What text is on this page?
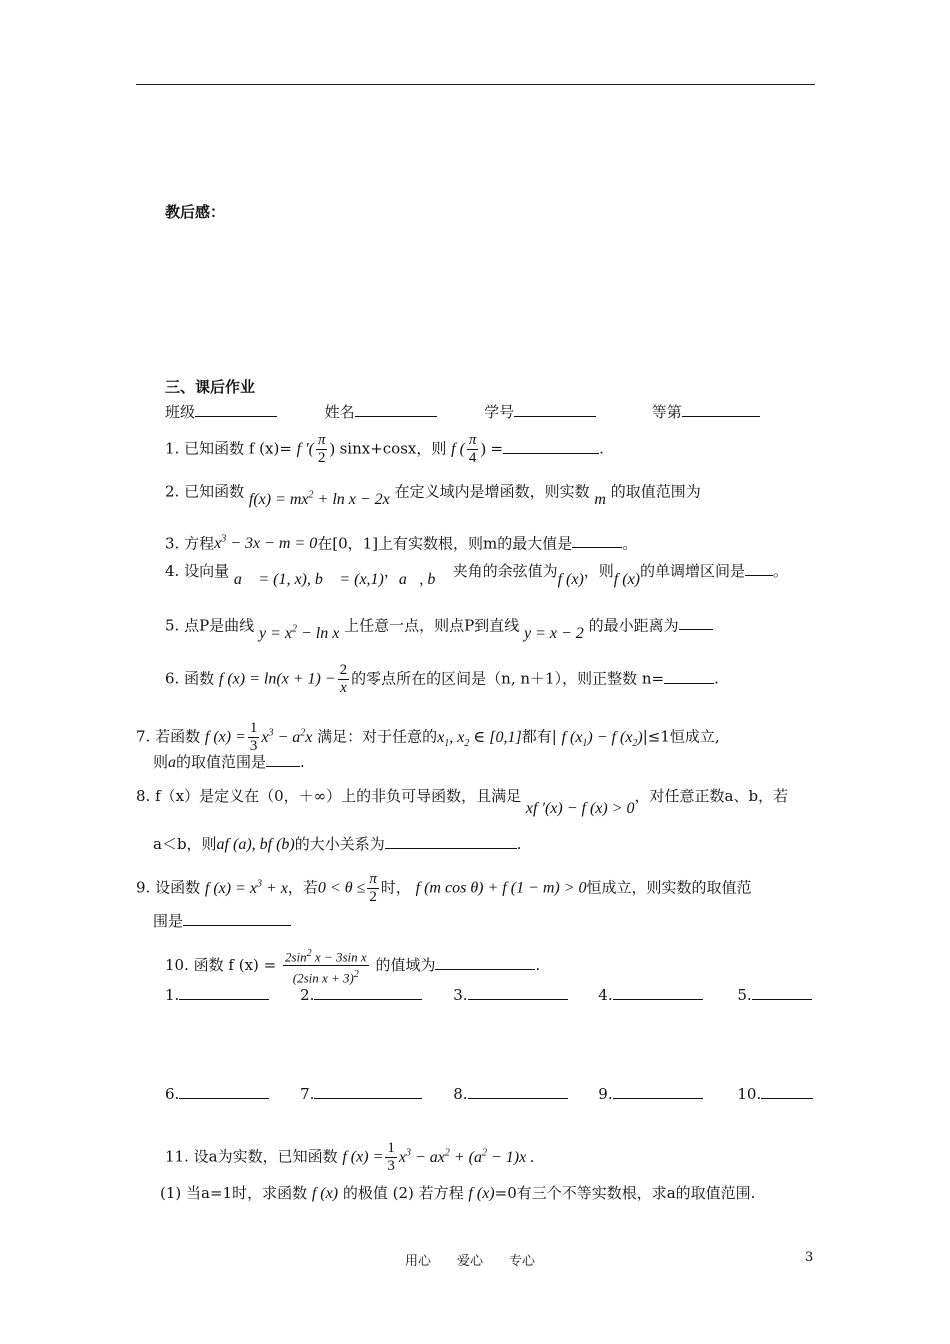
教后感：
三、课后作业
班级	姓名	学号	等第
1. 已知函数 f (x)= f ′( $\frac{\pi}{2}$ ) sinx+cosx，则 f ( $\frac{\pi}{4}$ ) =	.
2. 已知函数 $f(x) = mx^2 + \ln x - 2x$ 在定义域内是增函数，则实数 m 的取值范围为
3. 方程$x^3 - 3x - m = 0$在[0，1]上有实数根，则m的最大值是	。
4. 设向量 a⃗ = (1, x), b⃗ = (x,1)，a⃗, b⃗ 夹角的余弦值为f (x)，则f (x)的单调增区间是 。
5. 点P是曲线 $y = x^2 - \ln x$ 上任意一点，则点P到直线 y = x − 2 的最小距离为
6. 函数 f $(x) = \ln(x + 1) - \frac{2}{x}$ 的零点所在的区间是（n, n＋1），则正整数 n=	.
7. 若函数 f $(x) = \frac{1}{3} x^3 - a^2x$ 满足：对于任意的$x_1$, $x_2$ ∈ [0,1]都有| f $(x_1) - f$ $(x_2)|\le 1$恒成立,
则a的取值范围是 .
8. f（x）是定义在（0，＋∞）上的非负可导函数，且满足 xf ′(x) − f (x) > 0，对任意正数a、b，若
a＜b，则af (a), bf (b)的大小关系为	.
9. 设函数 f $(x) = x^3 + x$，若$0 < \theta \le \frac{\pi}{2}$ 时， f (m cos θ) + f (1 − m) > 0恒成立，则实数的取值范
围是
10. 函数 f $(x) = \frac{2\sin^2 x - 3\sin x}{(2\sin x + 3)^2}$ 的值域为	.
1.	2.	3.	4.	5.
6.	7.	8.	9.	10.
11. 设a为实数，已知函数 f $(x) = \frac{1}{3} x^3 - ax^2 + (a^2 - 1)x$ .
(1) 当a=1时，求函数 f (x) 的极值 (2) 若方程 f (x)=0有三个不等实数根，求a的取值范围.
用心　　爱心　　专心	3
